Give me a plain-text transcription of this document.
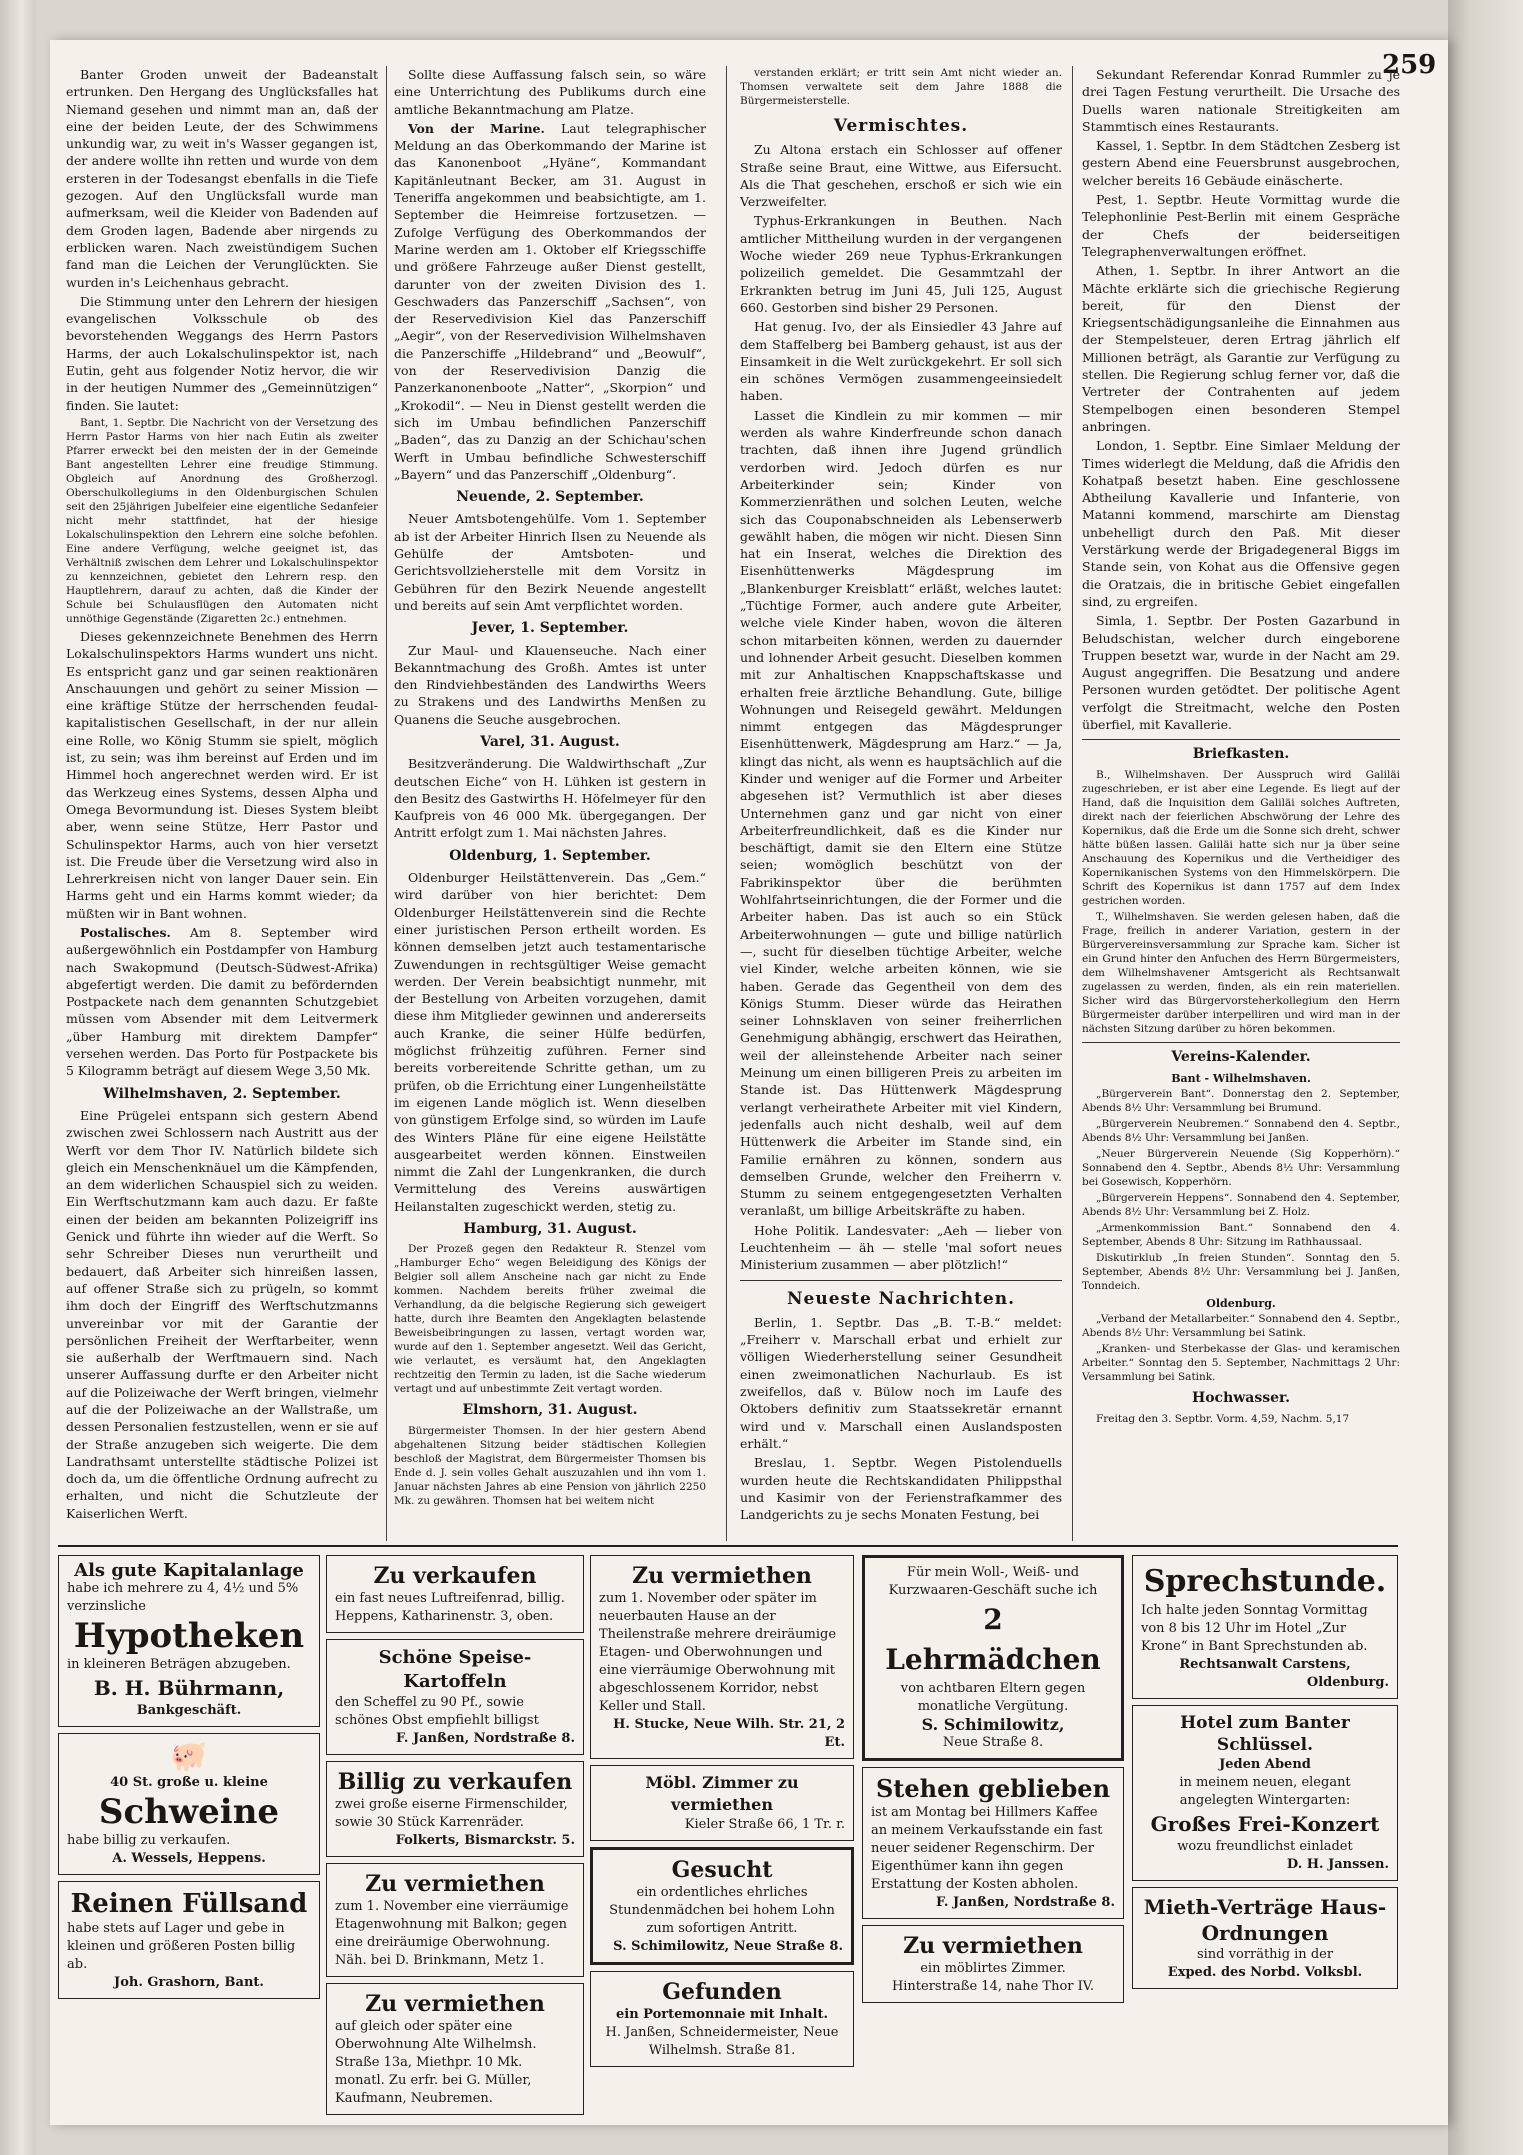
259

Banter Groden unweit der Badeanstalt ertrunken. Den Hergang des Unglücksfalles hat Niemand gesehen und nimmt man an, daß der eine der beiden Leute, der des Schwimmens unkundig war, zu weit in's Wasser gegangen ist, der andere wollte ihn retten und wurde von dem ersteren in der Todesangst ebenfalls in die Tiefe gezogen. Auf den Unglücksfall wurde man aufmerksam, weil die Kleider von Badenden auf dem Groden lagen, Badende aber nirgends zu erblicken waren. Nach zweistündigem Suchen fand man die Leichen der Verunglückten. Sie wurden in's Leichenhaus gebracht.

Die Stimmung unter den Lehrern der hiesigen evangelischen Volksschule ob des bevorstehenden Weggangs des Herrn Pastors Harms, der auch Lokalschulinspektor ist, nach Eutin, geht aus folgender Notiz hervor, die wir in der heutigen Nummer des „Gemeinnützigen“ finden. Sie lautet:

Bant, 1. Septbr. Die Nachricht von der Versetzung des Herrn Pastor Harms von hier nach Eutin als zweiter Pfarrer erweckt bei den meisten der in der Gemeinde Bant angestellten Lehrer eine freudige Stimmung. Obgleich auf Anordnung des Großherzogl. Oberschulkollegiums in den Oldenburgischen Schulen seit den 25jährigen Jubelfeier eine eigentliche Sedanfeier nicht mehr stattfindet, hat der hiesige Lokalschulinspektion den Lehrern eine solche befohlen. Eine andere Verfügung, welche geeignet ist, das Verhältniß zwischen dem Lehrer und Lokalschulinspektor zu kennzeichnen, gebietet den Lehrern resp. den Hauptlehrern, darauf zu achten, daß die Kinder der Schule bei Schulausflügen den Automaten nicht unnöthige Gegenstände (Zigaretten 2c.) entnehmen.

Dieses gekennzeichnete Benehmen des Herrn Lokalschulinspektors Harms wundert uns nicht. Es entspricht ganz und gar seinen reaktionären Anschauungen und gehört zu seiner Mission — eine kräftige Stütze der herrschenden feudal-kapitalistischen Gesellschaft, in der nur allein eine Rolle, wo König Stumm sie spielt, möglich ist, zu sein; was ihm bereinst auf Erden und im Himmel hoch angerechnet werden wird. Er ist das Werkzeug eines Systems, dessen Alpha und Omega Bevormundung ist. Dieses System bleibt aber, wenn seine Stütze, Herr Pastor und Schulinspektor Harms, auch von hier versetzt ist. Die Freude über die Versetzung wird also in Lehrerkreisen nicht von langer Dauer sein. Ein Harms geht und ein Harms kommt wieder; da müßten wir in Bant wohnen.

Postalisches. Am 8. September wird außergewöhnlich ein Postdampfer von Hamburg nach Swakopmund (Deutsch-Südwest-Afrika) abgefertigt werden. Die damit zu befördernden Postpackete nach dem genannten Schutzgebiet müssen vom Absender mit dem Leitvermerk „über Hamburg mit direktem Dampfer“ versehen werden. Das Porto für Postpackete bis 5 Kilogramm beträgt auf diesem Wege 3,50 Mk.

Wilhelmshaven, 2. September.

Eine Prügelei entspann sich gestern Abend zwischen zwei Schlossern nach Austritt aus der Werft vor dem Thor IV. Natürlich bildete sich gleich ein Menschenknäuel um die Kämpfenden, an dem widerlichen Schauspiel sich zu weiden. Ein Werftschutzmann kam auch dazu. Er faßte einen der beiden am bekannten Polizeigriff ins Genick und führte ihn wieder auf die Werft. So sehr Schreiber Dieses nun verurtheilt und bedauert, daß Arbeiter sich hinreißen lassen, auf offener Straße sich zu prügeln, so kommt ihm doch der Eingriff des Werftschutzmanns unvereinbar vor mit der Garantie der persönlichen Freiheit der Werftarbeiter, wenn sie außerhalb der Werftmauern sind. Nach unserer Auffassung durfte er den Arbeiter nicht auf die Polizeiwache der Werft bringen, vielmehr auf die der Polizeiwache an der Wallstraße, um dessen Personalien festzustellen, wenn er sie auf der Straße anzugeben sich weigerte. Die dem Landrathsamt unterstellte städtische Polizei ist doch da, um die öffentliche Ordnung aufrecht zu erhalten, und nicht die Schutzleute der Kaiserlichen Werft.

Sollte diese Auffassung falsch sein, so wäre eine Unterrichtung des Publikums durch eine amtliche Bekanntmachung am Platze.

Von der Marine. Laut telegraphischer Meldung an das Oberkommando der Marine ist das Kanonenboot „Hyäne“, Kommandant Kapitänleutnant Becker, am 31. August in Teneriffa angekommen und beabsichtigte, am 1. September die Heimreise fortzusetzen. — Zufolge Verfügung des Oberkommandos der Marine werden am 1. Oktober elf Kriegsschiffe und größere Fahrzeuge außer Dienst gestellt, darunter von der zweiten Division des 1. Geschwaders das Panzerschiff „Sachsen“, von der Reservedivision Kiel das Panzerschiff „Aegir“, von der Reservedivision Wilhelmshaven die Panzerschiffe „Hildebrand“ und „Beowulf“, von der Reservedivision Danzig die Panzerkanonenboote „Natter“, „Skorpion“ und „Krokodil“. — Neu in Dienst gestellt werden die sich im Umbau befindlichen Panzerschiff „Baden“, das zu Danzig an der Schichau'schen Werft in Umbau befindliche Schwesterschiff „Bayern“ und das Panzerschiff „Oldenburg“.

Neuende, 2. September.

Neuer Amtsbotengehülfe. Vom 1. September ab ist der Arbeiter Hinrich Ilsen zu Neuende als Gehülfe der Amtsboten- und Gerichtsvollzieherstelle mit dem Vorsitz in Gebühren für den Bezirk Neuende angestellt und bereits auf sein Amt verpflichtet worden.

Jever, 1. September.

Zur Maul- und Klauenseuche. Nach einer Bekanntmachung des Großh. Amtes ist unter den Rindviehbeständen des Landwirths Weers zu Strakens und des Landwirths Menßen zu Quanens die Seuche ausgebrochen.

Varel, 31. August.

Besitzveränderung. Die Waldwirthschaft „Zur deutschen Eiche“ von H. Lühken ist gestern in den Besitz des Gastwirths H. Höfelmeyer für den Kaufpreis von 46 000 Mk. übergegangen. Der Antritt erfolgt zum 1. Mai nächsten Jahres.

Oldenburg, 1. September.

Oldenburger Heilstättenverein. Das „Gem.“ wird darüber von hier berichtet: Dem Oldenburger Heilstättenverein sind die Rechte einer juristischen Person ertheilt worden. Es können demselben jetzt auch testamentarische Zuwendungen in rechtsgültiger Weise gemacht werden. Der Verein beabsichtigt nunmehr, mit der Bestellung von Arbeiten vorzugehen, damit diese ihm Mitglieder gewinnen und andererseits auch Kranke, die seiner Hülfe bedürfen, möglichst frühzeitig zuführen. Ferner sind bereits vorbereitende Schritte gethan, um zu prüfen, ob die Errichtung einer Lungenheilstätte im eigenen Lande möglich ist. Wenn dieselben von günstigem Erfolge sind, so würden im Laufe des Winters Pläne für eine eigene Heilstätte ausgearbeitet werden können. Einstweilen nimmt die Zahl der Lungenkranken, die durch Vermittelung des Vereins auswärtigen Heilanstalten zugeschickt werden, stetig zu.

Hamburg, 31. August.

Der Prozeß gegen den Redakteur R. Stenzel vom „Hamburger Echo“ wegen Beleidigung des Königs der Belgier soll allem Anscheine nach gar nicht zu Ende kommen. Nachdem bereits früher zweimal die Verhandlung, da die belgische Regierung sich geweigert hatte, durch ihre Beamten den Angeklagten belastende Beweisbeibringungen zu lassen, vertagt worden war, wurde auf den 1. September angesetzt. Weil das Gericht, wie verlautet, es versäumt hat, den Angeklagten rechtzeitig den Termin zu laden, ist die Sache wiederum vertagt und auf unbestimmte Zeit vertagt worden.

Elmshorn, 31. August.

Bürgermeister Thomsen. In der hier gestern Abend abgehaltenen Sitzung beider städtischen Kollegien beschloß der Magistrat, dem Bürgermeister Thomsen bis Ende d. J. sein volles Gehalt auszuzahlen und ihn vom 1. Januar nächsten Jahres ab eine Pension von jährlich 2250 Mk. zu gewähren. Thomsen hat bei weitem nicht

verstanden erklärt; er tritt sein Amt nicht wieder an. Thomsen verwaltete seit dem Jahre 1888 die Bürgermeisterstelle.

Vermischtes.

Zu Altona erstach ein Schlosser auf offener Straße seine Braut, eine Wittwe, aus Eifersucht. Als die That geschehen, erschoß er sich wie ein Verzweifelter.

Typhus-Erkrankungen in Beuthen. Nach amtlicher Mittheilung wurden in der vergangenen Woche wieder 269 neue Typhus-Erkrankungen polizeilich gemeldet. Die Gesammtzahl der Erkrankten betrug im Juni 45, Juli 125, August 660. Gestorben sind bisher 29 Personen.

Hat genug. Ivo, der als Einsiedler 43 Jahre auf dem Staffelberg bei Bamberg gehaust, ist aus der Einsamkeit in die Welt zurückgekehrt. Er soll sich ein schönes Vermögen zusammengeeinsiedelt haben.

Lasset die Kindlein zu mir kommen — mir werden als wahre Kinderfreunde schon danach trachten, daß ihnen ihre Jugend gründlich verdorben wird. Jedoch dürfen es nur Arbeiterkinder sein; Kinder von Kommerzienräthen und solchen Leuten, welche sich das Couponabschneiden als Lebenserwerb gewählt haben, die mögen wir nicht. Diesen Sinn hat ein Inserat, welches die Direktion des Eisenhüttenwerks Mägdesprung im „Blankenburger Kreisblatt“ erläßt, welches lautet: „Tüchtige Former, auch andere gute Arbeiter, welche viele Kinder haben, wovon die älteren schon mitarbeiten können, werden zu dauernder und lohnender Arbeit gesucht. Dieselben kommen mit zur Anhaltischen Knappschaftskasse und erhalten freie ärztliche Behandlung. Gute, billige Wohnungen und Reisegeld gewährt. Meldungen nimmt entgegen das Mägdesprunger Eisenhüttenwerk, Mägdesprung am Harz.“ — Ja, klingt das nicht, als wenn es hauptsächlich auf die Kinder und weniger auf die Former und Arbeiter abgesehen ist? Vermuthlich ist aber dieses Unternehmen ganz und gar nicht von einer Arbeiterfreundlichkeit, daß es die Kinder nur beschäftigt, damit sie den Eltern eine Stütze seien; womöglich beschützt von der Fabrikinspektor über die berühmten Wohlfahrtseinrichtungen, die der Former und die Arbeiter haben. Das ist auch so ein Stück Arbeiterwohnungen — gute und billige natürlich —, sucht für dieselben tüchtige Arbeiter, welche viel Kinder, welche arbeiten können, wie sie haben. Gerade das Gegentheil von dem des Königs Stumm. Dieser würde das Heirathen seiner Lohnsklaven von seiner freiherrlichen Genehmigung abhängig, erschwert das Heirathen, weil der alleinstehende Arbeiter nach seiner Meinung um einen billigeren Preis zu arbeiten im Stande ist. Das Hüttenwerk Mägdesprung verlangt verheirathete Arbeiter mit viel Kindern, jedenfalls auch nicht deshalb, weil auf dem Hüttenwerk die Arbeiter im Stande sind, ein Familie ernähren zu können, sondern aus demselben Grunde, welcher den Freiherrn v. Stumm zu seinem entgegengesetzten Verhalten veranlaßt, um billige Arbeitskräfte zu haben.

Hohe Politik. Landesvater: „Aeh — lieber von Leuchtenheim — äh — stelle 'mal sofort neues Ministerium zusammen — aber plötzlich!“

Neueste Nachrichten.

Berlin, 1. Septbr. Das „B. T.-B.“ meldet: „Freiherr v. Marschall erbat und erhielt zur völligen Wiederherstellung seiner Gesundheit einen zweimonatlichen Nachurlaub. Es ist zweifellos, daß v. Bülow noch im Laufe des Oktobers definitiv zum Staatssekretär ernannt wird und v. Marschall einen Auslandsposten erhält.“

Breslau, 1. Septbr. Wegen Pistolenduells wurden heute die Rechtskandidaten Philippsthal und Kasimir von der Ferienstrafkammer des Landgerichts zu je sechs Monaten Festung, bei

Sekundant Referendar Konrad Rummler zu je drei Tagen Festung verurtheilt. Die Ursache des Duells waren nationale Streitigkeiten am Stammtisch eines Restaurants.

Kassel, 1. Septbr. In dem Städtchen Zesberg ist gestern Abend eine Feuersbrunst ausgebrochen, welcher bereits 16 Gebäude einäscherte.

Pest, 1. Septbr. Heute Vormittag wurde die Telephonlinie Pest-Berlin mit einem Gespräche der Chefs der beiderseitigen Telegraphenverwaltungen eröffnet.

Athen, 1. Septbr. In ihrer Antwort an die Mächte erklärte sich die griechische Regierung bereit, für den Dienst der Kriegsentschädigungsanleihe die Einnahmen aus der Stempelsteuer, deren Ertrag jährlich elf Millionen beträgt, als Garantie zur Verfügung zu stellen. Die Regierung schlug ferner vor, daß die Vertreter der Contrahenten auf jedem Stempelbogen einen besonderen Stempel anbringen.

London, 1. Septbr. Eine Simlaer Meldung der Times widerlegt die Meldung, daß die Afridis den Kohatpaß besetzt haben. Eine geschlossene Abtheilung Kavallerie und Infanterie, von Matanni kommend, marschirte am Dienstag unbehelligt durch den Paß. Mit dieser Verstärkung werde der Brigadegeneral Biggs im Stande sein, von Kohat aus die Offensive gegen die Oratzais, die in britische Gebiet eingefallen sind, zu ergreifen.

Simla, 1. Septbr. Der Posten Gazarbund in Beludschistan, welcher durch eingeborene Truppen besetzt war, wurde in der Nacht am 29. August angegriffen. Die Besatzung und andere Personen wurden getödtet. Der politische Agent verfolgt die Streitmacht, welche den Posten überfiel, mit Kavallerie.

Briefkasten.

B., Wilhelmshaven. Der Ausspruch wird Galiläi zugeschrieben, er ist aber eine Legende. Es liegt auf der Hand, daß die Inquisition dem Galiläi solches Auftreten, direkt nach der feierlichen Abschwörung der Lehre des Kopernikus, daß die Erde um die Sonne sich dreht, schwer hätte büßen lassen. Galiläi hatte sich nur ja über seine Anschauung des Kopernikus und die Vertheidiger des Kopernikanischen Systems von den Himmelskörpern. Die Schrift des Kopernikus ist dann 1757 auf dem Index gestrichen worden.

T., Wilhelmshaven. Sie werden gelesen haben, daß die Frage, freilich in anderer Variation, gestern in der Bürgervereinsversammlung zur Sprache kam. Sicher ist ein Grund hinter den Anfuchen des Herrn Bürgermeisters, dem Wilhelmshavener Amtsgericht als Rechtsanwalt zugelassen zu werden, finden, als ein rein materiellen. Sicher wird das Bürgervorsteherkollegium den Herrn Bürgermeister darüber interpelliren und wird man in der nächsten Sitzung darüber zu hören bekommen.

Vereins-Kalender.
Bant - Wilhelmshaven.

„Bürgerverein Bant“. Donnerstag den 2. September, Abends 8½ Uhr: Versammlung bei Brumund.

„Bürgerverein Neubremen.“ Sonnabend den 4. Septbr., Abends 8½ Uhr: Versammlung bei Janßen.

„Neuer Bürgerverein Neuende (Sig Kopperhörn).“ Sonnabend den 4. Septbr., Abends 8½ Uhr: Versammlung bei Gosewisch, Kopperhörn.

„Bürgerverein Heppens“. Sonnabend den 4. September, Abends 8½ Uhr: Versammlung bei Z. Holz.

„Armenkommission Bant.“ Sonnabend den 4. September, Abends 8 Uhr: Sitzung im Rathhaussaal.

Diskutirklub „In freien Stunden“. Sonntag den 5. September, Abends 8½ Uhr: Versammlung bei J. Janßen, Tonndeich.

Oldenburg.

„Verband der Metallarbeiter.“ Sonnabend den 4. Septbr., Abends 8½ Uhr: Versammlung bei Satink.

„Kranken- und Sterbekasse der Glas- und keramischen Arbeiter.“ Sonntag den 5. September, Nachmittags 2 Uhr: Versammlung bei Satink.

Hochwasser.

Freitag den 3. Septbr. Vorm. 4,59, Nachm. 5,17

Als gute Kapitalanlage
habe ich mehrere zu 4, 4½ und 5% verzinsliche
Hypotheken
in kleineren Beträgen abzugeben.
B. H. Bührmann,
Bankgeschäft.
🐖
40 St. große u. kleine
Schweine
habe billig zu verkaufen.
A. Wessels, Heppens.
Reinen Füllsand
habe stets auf Lager und gebe in kleinen und größeren Posten billig ab.
Joh. Grashorn, Bant.
Zu verkaufen
ein fast neues Luftreifenrad, billig. Heppens, Katharinenstr. 3, oben.
Schöne Speise-Kartoffeln
den Scheffel zu 90 Pf., sowie schönes Obst empfiehlt billigst
F. Janßen, Nordstraße 8.
Billig zu verkaufen
zwei große eiserne Firmenschilder, sowie 30 Stück Karrenräder.
Folkerts, Bismarckstr. 5.
Zu vermiethen
zum 1. November eine vierräumige Etagenwohnung mit Balkon; gegen eine dreiräumige Oberwohnung. Näh. bei D. Brinkmann, Metz 1.
Zu vermiethen
auf gleich oder später eine Oberwohnung Alte Wilhelmsh. Straße 13a, Miethpr. 10 Mk. monatl. Zu erfr. bei G. Müller, Kaufmann, Neubremen.
Zu vermiethen
zum 1. November oder später im neuerbauten Hause an der Theilenstraße mehrere dreiräumige Etagen- und Oberwohnungen und eine vierräumige Oberwohnung mit abgeschlossenem Korridor, nebst Keller und Stall.
H. Stucke, Neue Wilh. Str. 21, 2 Et.
Möbl. Zimmer zu vermiethen
Kieler Straße 66, 1 Tr. r.
Gesucht
ein ordentliches ehrliches Stundenmädchen bei hohem Lohn zum sofortigen Antritt.
S. Schimilowitz, Neue Straße 8.
Gefunden
ein Portemonnaie mit Inhalt.
H. Janßen, Schneidermeister, Neue Wilhelmsh. Straße 81.
Für mein Woll-, Weiß- und Kurzwaaren-Geschäft suche ich
2 Lehrmädchen
von achtbaren Eltern gegen monatliche Vergütung.
S. Schimilowitz,
Neue Straße 8.
Stehen geblieben
ist am Montag bei Hillmers Kaffee an meinem Verkaufsstande ein fast neuer seidener Regenschirm. Der Eigenthümer kann ihn gegen Erstattung der Kosten abholen.
F. Janßen, Nordstraße 8.
Zu vermiethen
ein möblirtes Zimmer.
Hinterstraße 14, nahe Thor IV.
Sprechstunde.
Ich halte jeden Sonntag Vormittag von 8 bis 12 Uhr im Hotel „Zur Krone“ in Bant Sprechstunden ab.
Rechtsanwalt Carstens,
Oldenburg.
Hotel zum Banter Schlüssel.
Jeden Abend
in meinem neuen, elegant angelegten Wintergarten:
Großes Frei-Konzert
wozu freundlichst einladet
D. H. Janssen.
Mieth-Verträge Haus-Ordnungen
sind vorräthig in der
Exped. des Norbd. Volksbl.
